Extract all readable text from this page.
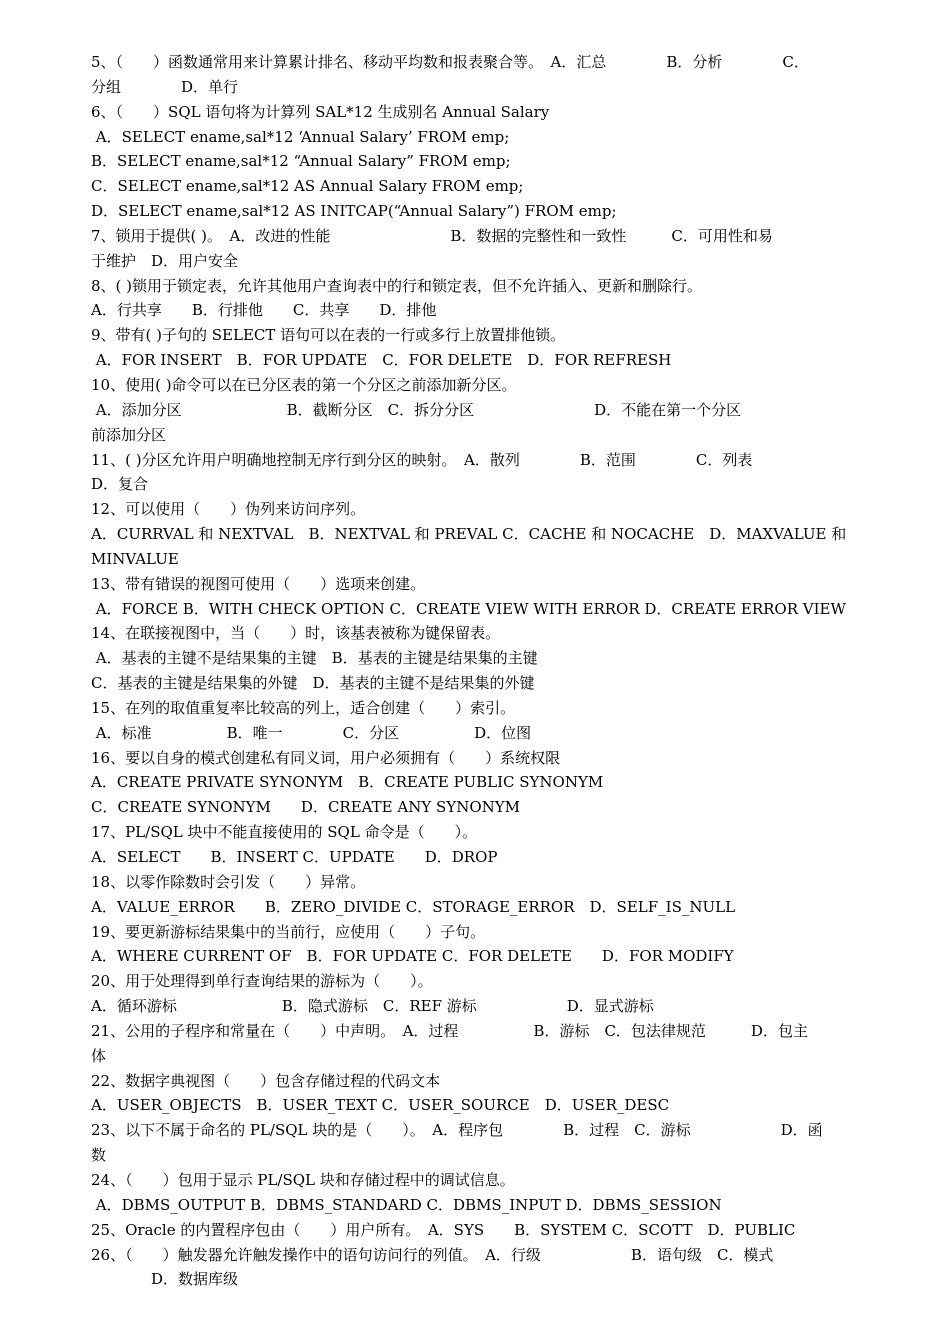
5、（　　）函数通常用来计算累计排名、移动平均数和报表聚合等。　A．汇总　　　　B．分析　　　　C．
分组　　　　D．单行
6、（　　）SQL 语句将为计算列 SAL*12 生成别名 Annual Salary
A．SELECT ename,sal*12 ‘Annual Salary’ FROM emp;
B．SELECT ename,sal*12 “Annual Salary” FROM emp;
C．SELECT ename,sal*12 AS Annual Salary FROM emp;
D．SELECT ename,sal*12 AS INITCAP(“Annual Salary”) FROM emp;
7、锁用于提供( )。　A．改进的性能　　　　　　　　B．数据的完整性和一致性　　　C．可用性和易
于维护　D．用户安全
8、( )锁用于锁定表，允许其他用户查询表中的行和锁定表，但不允许插入、更新和删除行。
A．行共享　　B．行排他　　C．共享　　D．排他
9、带有( )子句的 SELECT 语句可以在表的一行或多行上放置排他锁。
A．FOR INSERT　B．FOR UPDATE　C．FOR DELETE　D．FOR REFRESH
10、使用( )命令可以在已分区表的第一个分区之前添加新分区。
A．添加分区　　　　　　　B．截断分区　C．拆分分区　　　　　　　　D．不能在第一个分区
前添加分区
11、( )分区允许用户明确地控制无序行到分区的映射。　A．散列　　　　B．范围　　　　C．列表
D．复合
12、可以使用（　　）伪列来访问序列。
A．CURRVAL 和 NEXTVAL　B．NEXTVAL 和 PREVAL C．CACHE 和 NOCACHE　D．MAXVALUE 和
MINVALUE
13、带有错误的视图可使用（　　）选项来创建。
A．FORCE B．WITH CHECK OPTION C．CREATE VIEW WITH ERROR D．CREATE ERROR VIEW
14、在联接视图中，当（　　）时，该基表被称为键保留表。
A．基表的主键不是结果集的主键　B．基表的主键是结果集的主键
C．基表的主键是结果集的外键　D．基表的主键不是结果集的外键
15、在列的取值重复率比较高的列上，适合创建（　　）索引。
A．标准　　　　　B．唯一　　　　C．分区　　　　　D．位图
16、要以自身的模式创建私有同义词，用户必须拥有（　　）系统权限
A．CREATE PRIVATE SYNONYM　B．CREATE PUBLIC SYNONYM
C．CREATE SYNONYM　　D．CREATE ANY SYNONYM
17、PL/SQL 块中不能直接使用的 SQL 命令是（　　）。
A．SELECT　　B．INSERT C．UPDATE　　D．DROP
18、以零作除数时会引发（　　）异常。
A．VALUE_ERROR　　B．ZERO_DIVIDE C．STORAGE_ERROR　D．SELF_IS_NULL
19、要更新游标结果集中的当前行，应使用（　　）子句。
A．WHERE CURRENT OF　B．FOR UPDATE C．FOR DELETE　　D．FOR MODIFY
20、用于处理得到单行查询结果的游标为（　　）。
A．循环游标　　　　　　　B．隐式游标　C．REF 游标　　　　　　D．显式游标
21、公用的子程序和常量在（　　）中声明。　A．过程　　　　　B．游标　C．包法律规范　　　D．包主
体
22、数据字典视图（　　）包含存储过程的代码文本
A．USER_OBJECTS　B．USER_TEXT C．USER_SOURCE　D．USER_DESC
23、以下不属于命名的 PL/SQL 块的是（　　）。　A．程序包　　　　B．过程　C．游标　　　　　　D．函
数
24、（　　）包用于显示 PL/SQL 块和存储过程中的调试信息。
A．DBMS_OUTPUT B．DBMS_STANDARD C．DBMS_INPUT D．DBMS_SESSION
25、Oracle 的内置程序包由（　　）用户所有。　A．SYS　　B．SYSTEM C．SCOTT　D．PUBLIC
26、（　　）触发器允许触发操作中的语句访问行的列值。　A．行级　　　　　　B．语句级　C．模式
　　　　D．数据库级
